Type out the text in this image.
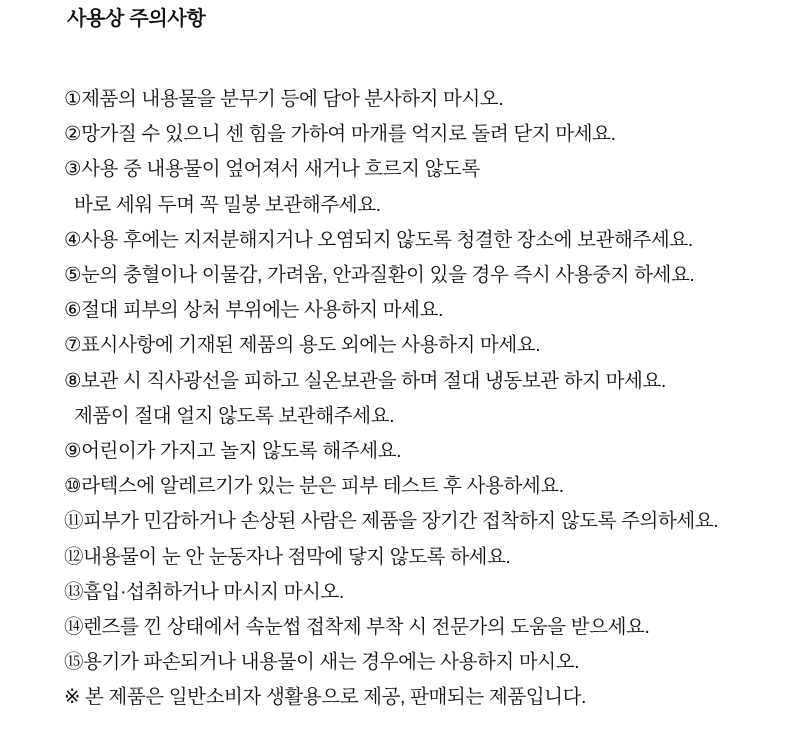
사용상 주의사항
①제품의 내용물을 분무기 등에 담아 분사하지 마시오.
②망가질 수 있으니 센 힘을 가하여 마개를 억지로 돌려 닫지 마세요.
③사용 중 내용물이 엎어져서 새거나 흐르지 않도록
바로 세워 두며 꼭 밀봉 보관해주세요.
④사용 후에는 지저분해지거나 오염되지 않도록 청결한 장소에 보관해주세요.
⑤눈의 충혈이나 이물감, 가려움, 안과질환이 있을 경우 즉시 사용중지 하세요.
⑥절대 피부의 상처 부위에는 사용하지 마세요.
⑦표시사항에 기재된 제품의 용도 외에는 사용하지 마세요.
⑧보관 시 직사광선을 피하고 실온보관을 하며 절대 냉동보관 하지 마세요.
제품이 절대 얼지 않도록 보관해주세요.
⑨어린이가 가지고 놀지 않도록 해주세요.
⑩라텍스에 알레르기가 있는 분은 피부 테스트 후 사용하세요.
⑪피부가 민감하거나 손상된 사람은 제품을 장기간 접착하지 않도록 주의하세요.
⑫내용물이 눈 안 눈동자나 점막에 닿지 않도록 하세요.
⑬흡입·섭취하거나 마시지 마시오.
⑭렌즈를 낀 상태에서 속눈썹 접착제 부착 시 전문가의 도움을 받으세요.
⑮용기가 파손되거나 내용물이 새는 경우에는 사용하지 마시오.
※ 본 제품은 일반소비자 생활용으로 제공, 판매되는 제품입니다.
